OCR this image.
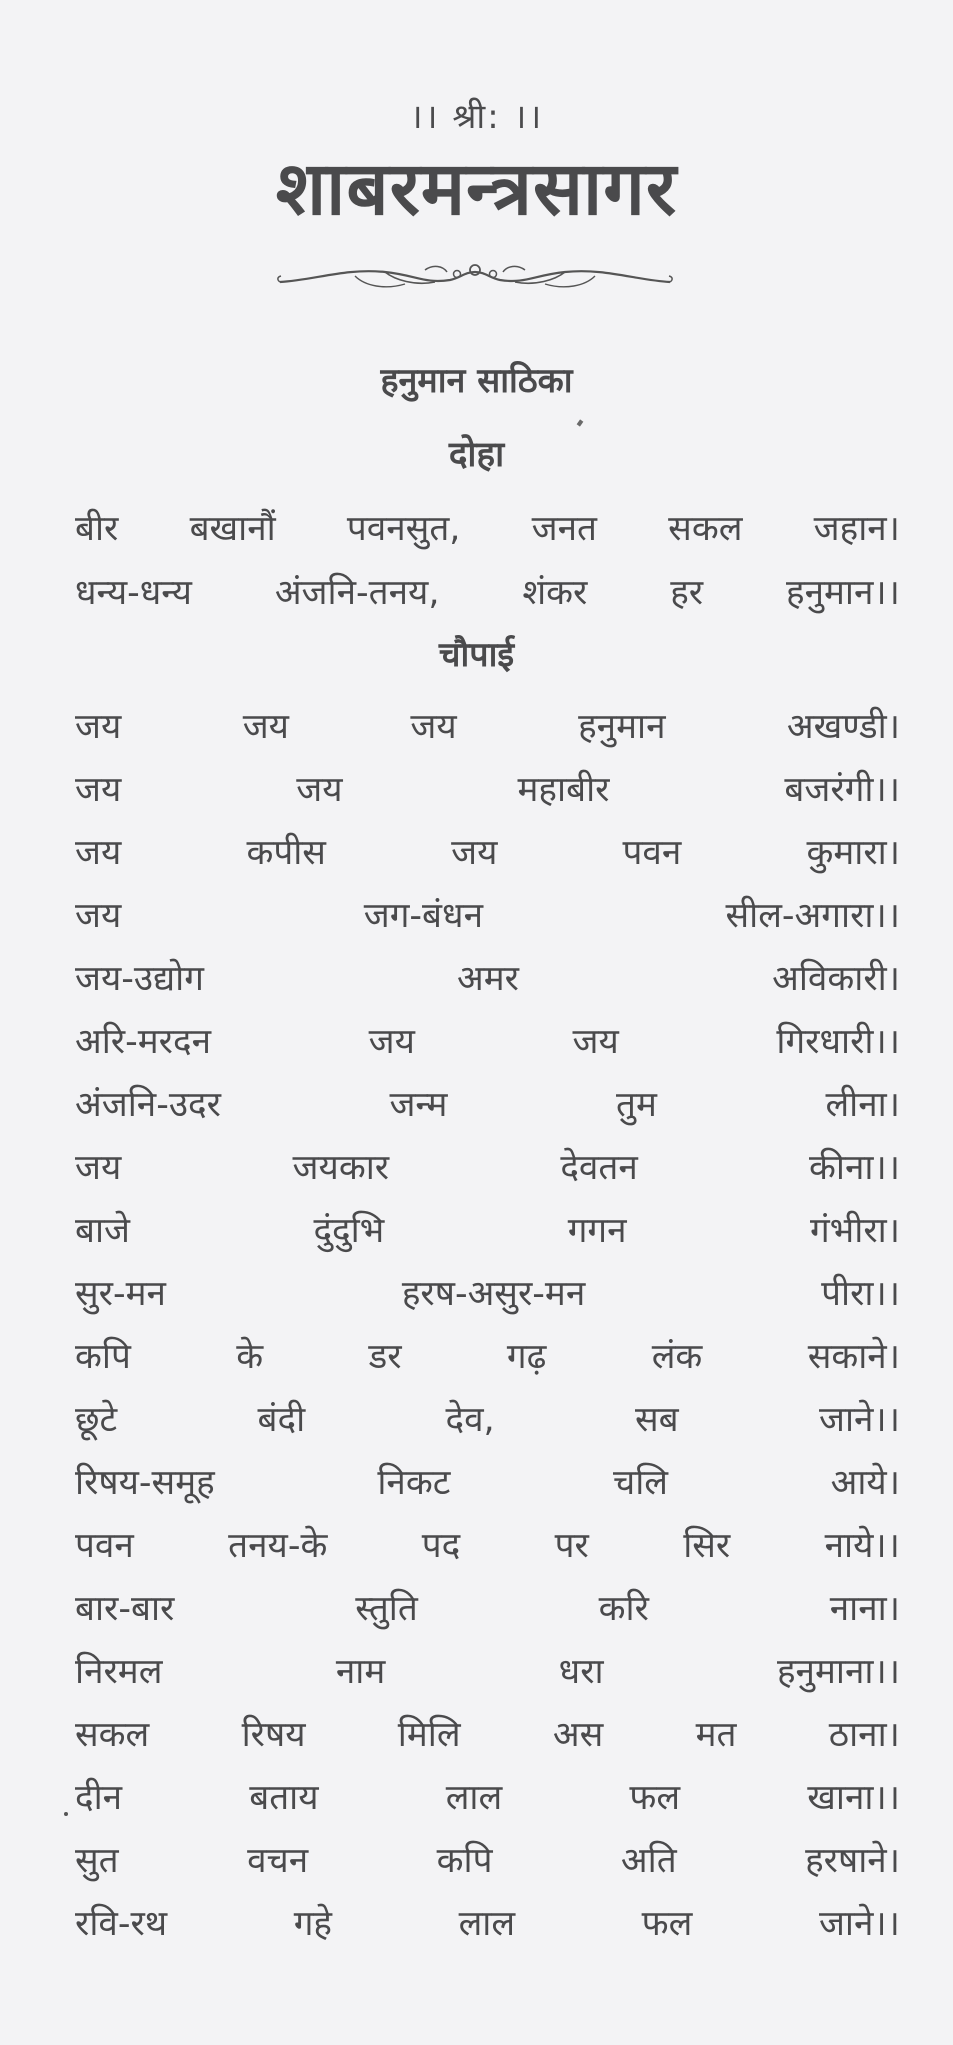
।। श्री: ।।
शाबरमन्त्रसागर
हनुमान साठिका
दोहा
बीर बखानौं पवनसुत, जनत सकल जहान।
धन्य-धन्य अंजनि-तनय, शंकर हर हनुमान।।
चौपाई
जय	जय	जय	हनुमान	अखण्डी।
जय	जय	महाबीर	बजरंगी।।
जय	कपीस	जय	पवन	कुमारा।
जय	जग-बंधन	सील-अगारा।।
जय-उद्योग	अमर	अविकारी।
अरि-मरदन	जय	जय	गिरधारी।।
अंजनि-उदर	जन्म	तुम	लीना।
जय	जयकार	देवतन	कीना।।
बाजे	दुंदुभि	गगन	गंभीरा।
सुर-मन	हरष-असुर-मन	पीरा।।
कपि	के	डर	गढ़	लंक	सकाने।
छूटे	बंदी	देव,	सब	जाने।।
रिषय-समूह	निकट	चलि	आये।
पवन	तनय-के	पद	पर	सिर	नाये।।
बार-बार	स्तुति	करि	नाना।
निरमल	नाम	धरा	हनुमाना।।
सकल	रिषय	मिलि	अस	मत	ठाना।
दीन	बताय	लाल	फल	खाना।।
सुत	वचन	कपि	अति	हरषाने।
रवि-रथ	गहे	लाल	फल	जाने।।
